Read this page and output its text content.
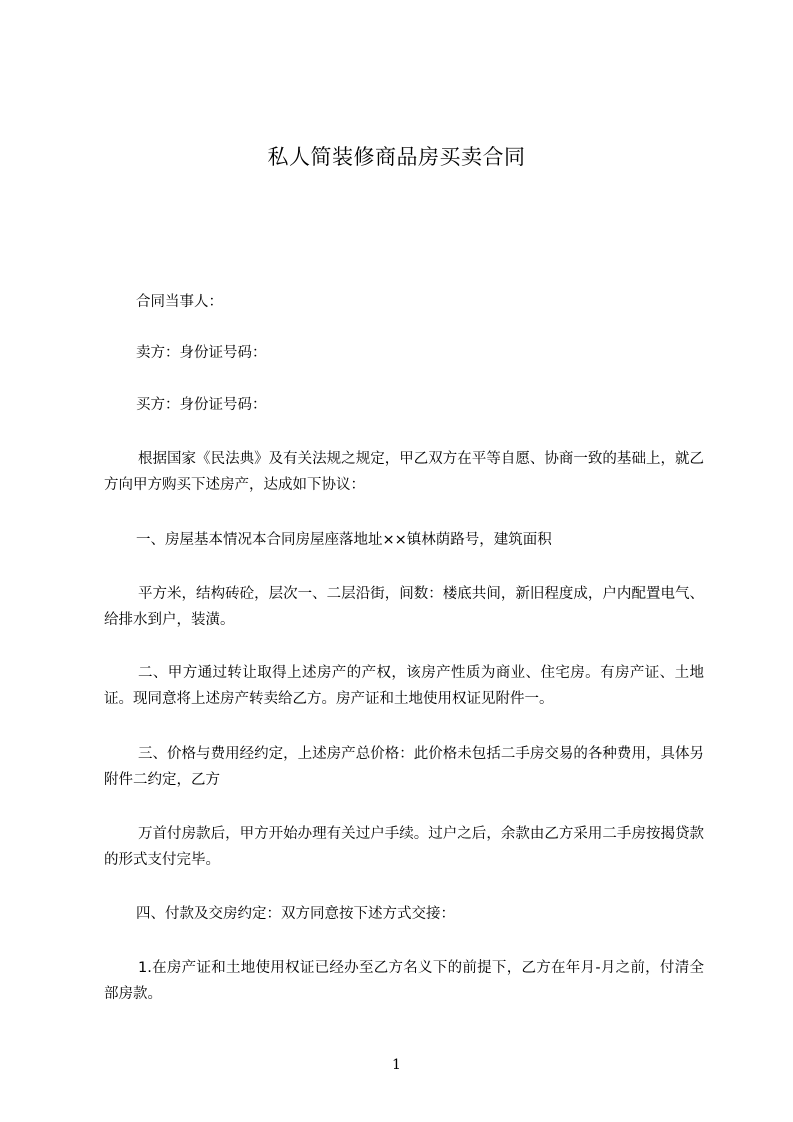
私人简装修商品房买卖合同
合同当事人：
卖方：身份证号码：
买方：身份证号码：
根据国家《民法典》及有关法规之规定，甲乙双方在平等自愿、协商一致的基础上，就乙方向甲方购买下述房产，达成如下协议：
一、房屋基本情况本合同房屋座落地址××镇林荫路号，建筑面积
平方米，结构砖砼，层次一、二层沿街，间数：楼底共间，新旧程度成，户内配置电气、给排水到户，装潢。
二、甲方通过转让取得上述房产的产权，该房产性质为商业、住宅房。有房产证、土地证。现同意将上述房产转卖给乙方。房产证和土地使用权证见附件一。
三、价格与费用经约定，上述房产总价格：此价格未包括二手房交易的各种费用，具体另附件二约定，乙方
万首付房款后，甲方开始办理有关过户手续。过户之后，余款由乙方采用二手房按揭贷款的形式支付完毕。
四、付款及交房约定：双方同意按下述方式交接：
1.在房产证和土地使用权证已经办至乙方名义下的前提下，乙方在年月-月之前，付清全部房款。
1
